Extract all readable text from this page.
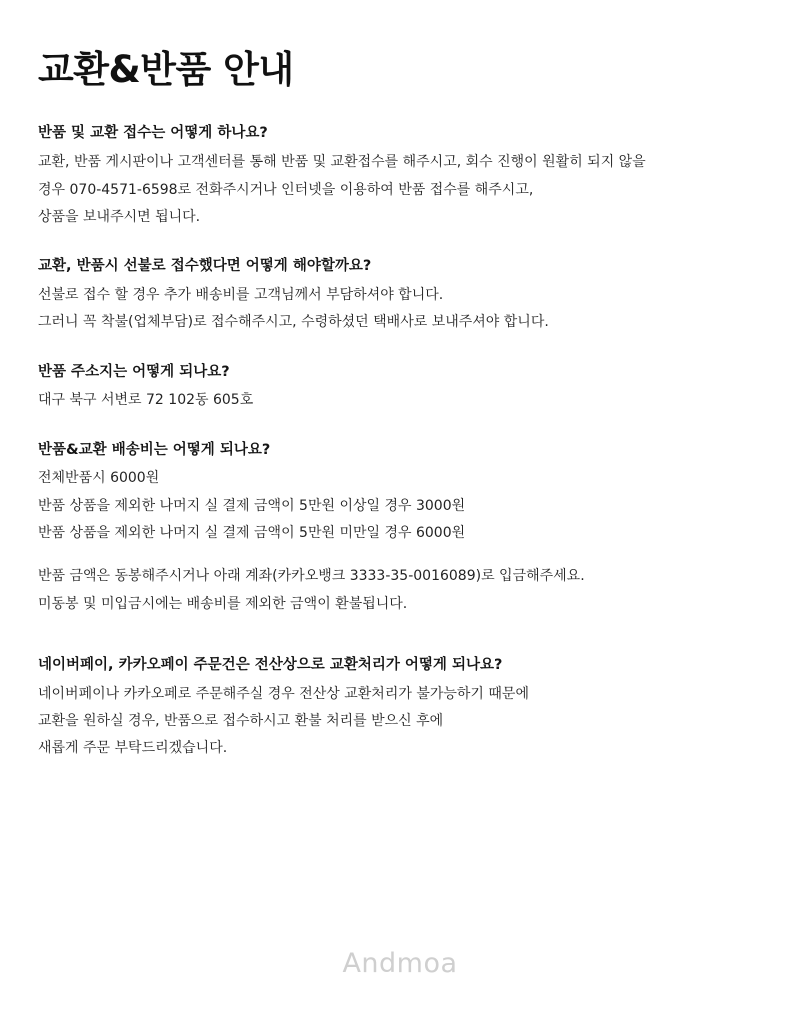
교환&반품 안내

반품 및 교환 접수는 어떻게 하나요?

교환, 반품 게시판이나 고객센터를 통해 반품 및 교환접수를 해주시고, 회수 진행이 원활히 되지 않을

경우 070-4571-6598로 전화주시거나 인터넷을 이용하여 반품 접수를 해주시고,

상품을 보내주시면 됩니다.

교환, 반품시 선불로 접수했다면 어떻게 해야할까요?

선불로 접수 할 경우 추가 배송비를 고객님께서 부담하셔야 합니다.

그러니 꼭 착불(업체부담)로 접수해주시고, 수령하셨던 택배사로 보내주셔야 합니다.

반품 주소지는 어떻게 되나요?

대구 북구 서변로 72 102동 605호

반품&교환 배송비는 어떻게 되나요?

전체반품시 6000원

반품 상품을 제외한 나머지 실 결제 금액이 5만원 이상일 경우 3000원

반품 상품을 제외한 나머지 실 결제 금액이 5만원 미만일 경우 6000원

반품 금액은 동봉해주시거나 아래 계좌(카카오뱅크 3333-35-0016089)로 입금해주세요.

미동봉 및 미입금시에는 배송비를 제외한 금액이 환불됩니다.

네이버페이, 카카오페이 주문건은 전산상으로 교환처리가 어떻게 되나요?

네이버페이나 카카오페로 주문해주실 경우 전산상 교환처리가 불가능하기 때문에

교환을 원하실 경우, 반품으로 접수하시고 환불 처리를 받으신 후에

새롭게 주문 부탁드리겠습니다.

Andmoa
